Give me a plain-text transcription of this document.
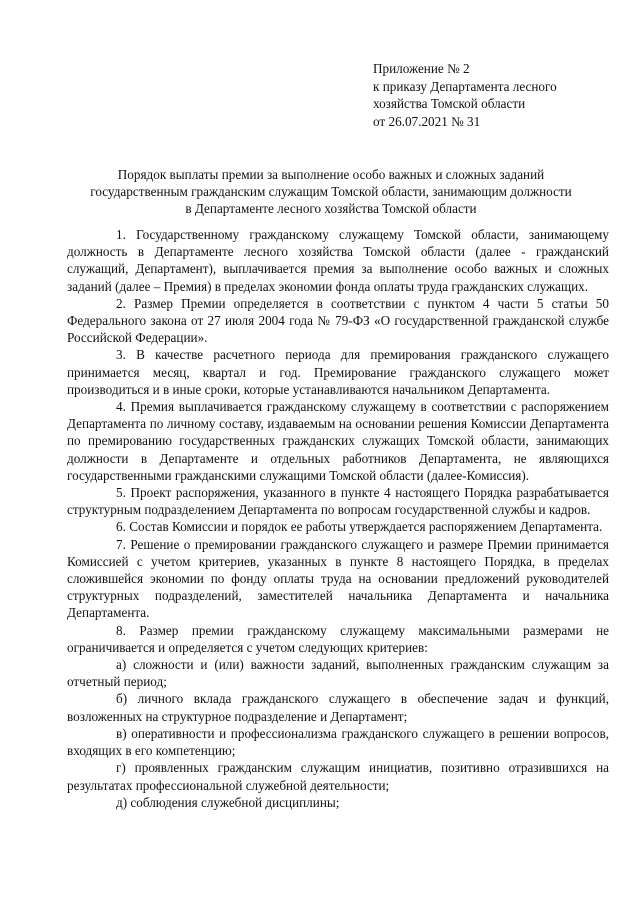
Приложение № 2
к приказу Департамента лесного
хозяйства Томской области
от 26.07.2021 № 31
Порядок выплаты премии за выполнение особо важных и сложных заданий
государственным гражданским служащим Томской области, занимающим должности
в Департаменте лесного хозяйства Томской области

1. Государственному гражданскому служащему Томской области, занимающему должность в Департаменте лесного хозяйства Томской области (далее - гражданский служащий, Департамент), выплачивается премия за выполнение особо важных и сложных заданий (далее – Премия) в пределах экономии фонда оплаты труда гражданских служащих.

2. Размер Премии определяется в соответствии с пунктом 4 части 5 статьи 50 Федерального закона от 27 июля 2004 года № 79-ФЗ «О государственной гражданской службе Российской Федерации».

3. В качестве расчетного периода для премирования гражданского служащего принимается месяц, квартал и год. Премирование гражданского служащего может производиться и в иные сроки, которые устанавливаются начальником Департамента.

4. Премия выплачивается гражданскому служащему в соответствии с распоряжением Департамента по личному составу, издаваемым на основании решения Комиссии Департамента по премированию государственных гражданских служащих Томской области, занимающих должности в Департаменте и отдельных работников Департамента, не являющихся государственными гражданскими служащими Томской области (далее-Комиссия).

5. Проект распоряжения, указанного в пункте 4 настоящего Порядка разрабатывается структурным подразделением Департамента по вопросам государственной службы и кадров.

6. Состав Комиссии и порядок ее работы утверждается распоряжением Департамента.

7. Решение о премировании гражданского служащего и размере Премии принимается Комиссией с учетом критериев, указанных в пункте 8 настоящего Порядка, в пределах сложившейся экономии по фонду оплаты труда на основании предложений руководителей структурных подразделений, заместителей начальника Департамента и начальника Департамента.

8. Размер премии гражданскому служащему максимальными размерами не ограничивается и определяется с учетом следующих критериев:

а) сложности и (или) важности заданий, выполненных гражданским служащим за отчетный период;

б) личного вклада гражданского служащего в обеспечение задач и функций, возложенных на структурное подразделение и Департамент;

в) оперативности и профессионализма гражданского служащего в решении вопросов, входящих в его компетенцию;

г) проявленных гражданским служащим инициатив, позитивно отразившихся на результатах профессиональной служебной деятельности;

д) соблюдения служебной дисциплины;
